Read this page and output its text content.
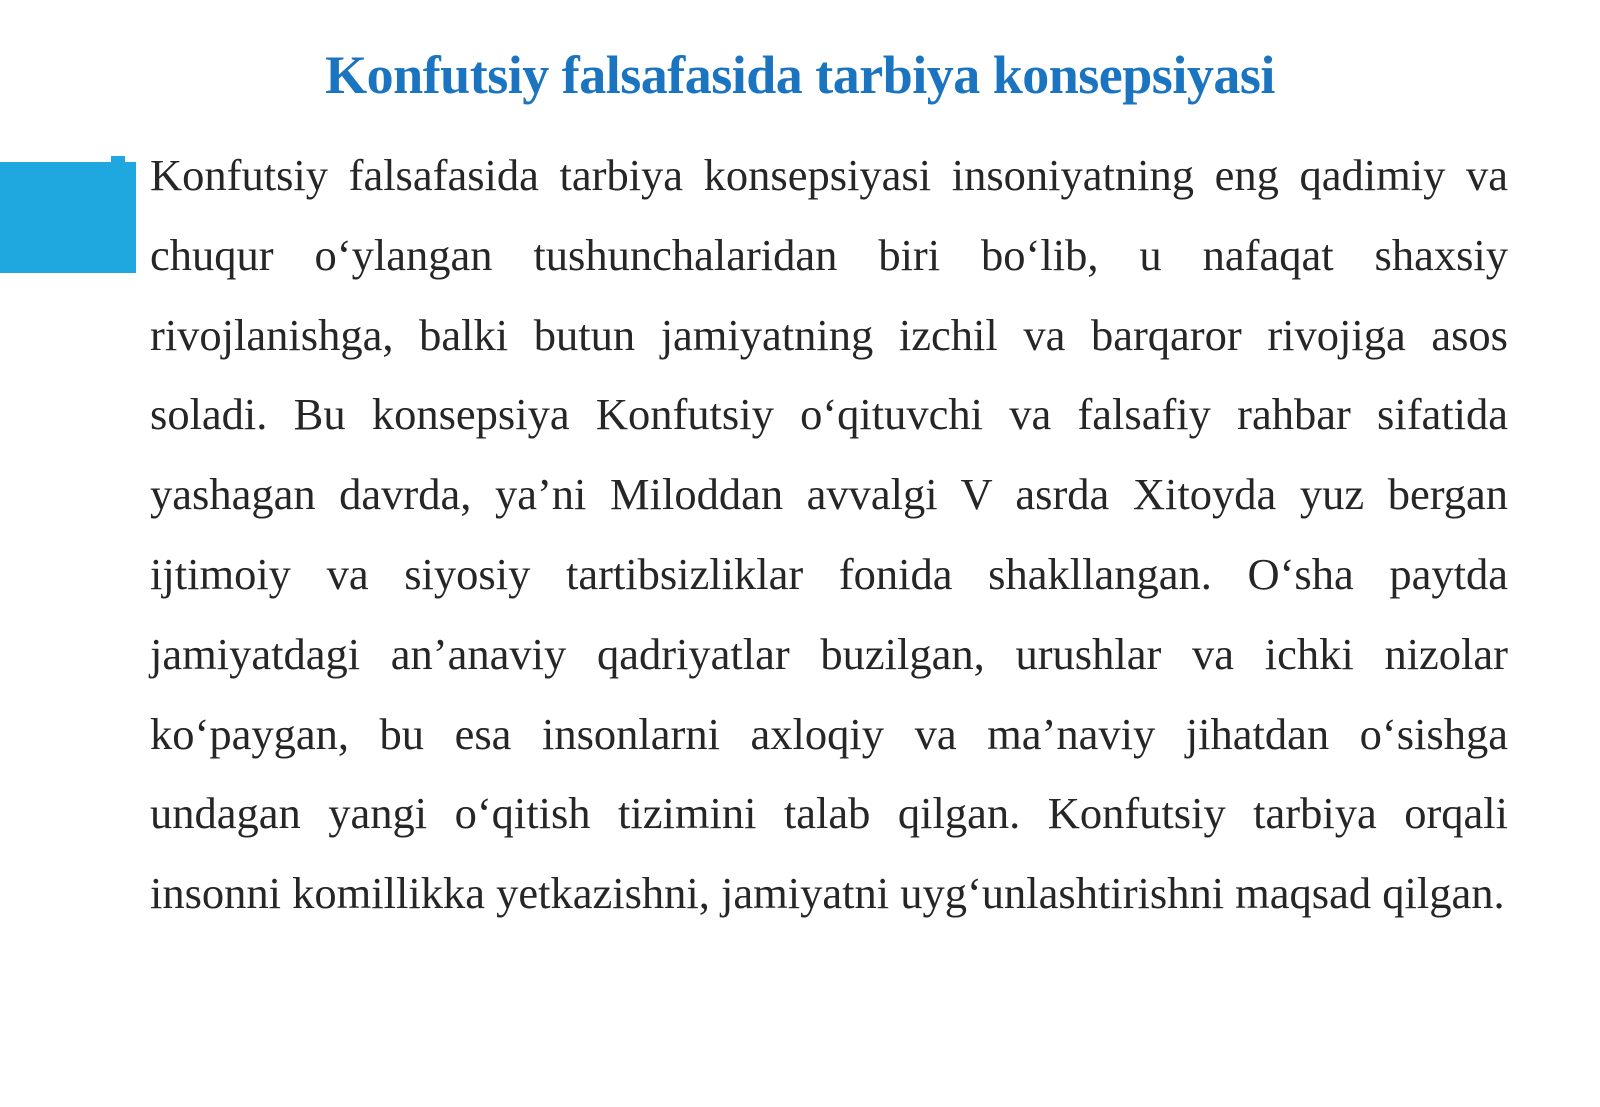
Konfutsiy falsafasida tarbiya konsepsiyasi

Konfutsiy falsafasida tarbiya konsepsiyasi insoniyatning eng qadimiy va chuqur o‘ylangan tushunchalaridan biri bo‘lib, u nafaqat shaxsiy rivojlanishga, balki butun jamiyatning izchil va barqaror rivojiga asos soladi. Bu konsepsiya Konfutsiy o‘qituvchi va falsafiy rahbar sifatida yashagan davrda, ya’ni Miloddan avvalgi V asrda Xitoyda yuz bergan ijtimoiy va siyosiy tartibsizliklar fonida shakllangan. O‘sha paytda jamiyatdagi an’anaviy qadriyatlar buzilgan, urushlar va ichki nizolar ko‘paygan, bu esa insonlarni axloqiy va ma’naviy jihatdan o‘sishga undagan yangi o‘qitish tizimini talab qilgan. Konfutsiy tarbiya orqali insonni komillikka yetkazishni, jamiyatni uyg‘unlashtirishni maqsad qilgan.
